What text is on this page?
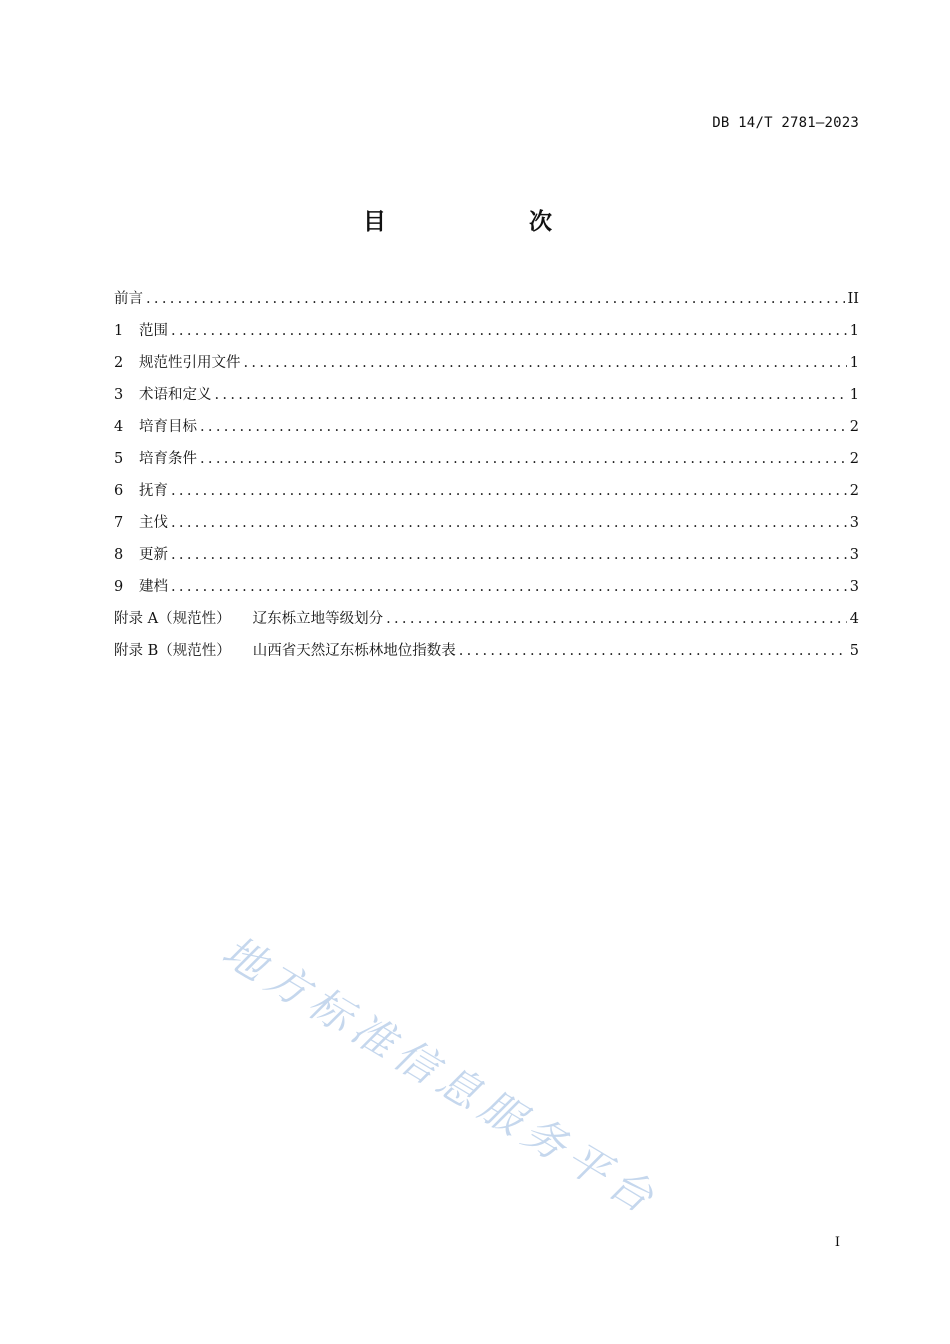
DB 14/T 2781—2023
目　次
前言 .....	II
1	范围 .....	1
2	规范性引用文件 .....	1
3	术语和定义 .....	1
4	培育目标 .....	2
5	培育条件 .....	2
6	抚育 .....	2
7	主伐 .....	3
8	更新 .....	3
9	建档 .....	3
附录 A（规范性） 辽东栎立地等级划分 .....	4
附录 B（规范性） 山西省天然辽东栎林地位指数表 .....	5
地方标准信息服务平台
I
